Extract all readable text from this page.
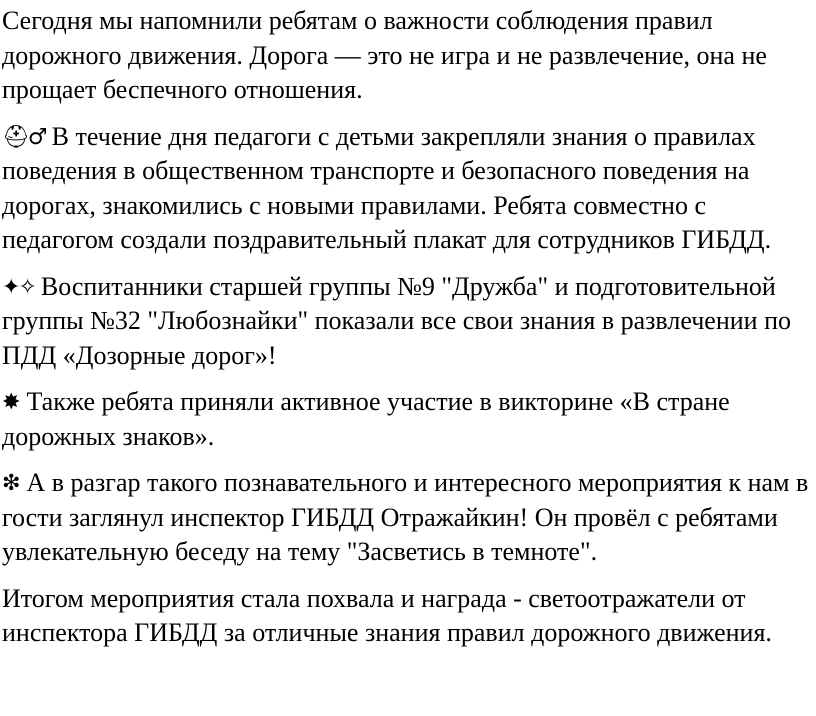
Сегодня мы напомнили ребятам о важности соблюдения правил дорожного движения. Дорога — это не игра и не развлечение, она не прощает беспечного отношения.

⛑♂ В течение дня педагоги с детьми закрепляли знания о правилах поведения в общественном транспорте и безопасного поведения на дорогах, знакомились с новыми правилами. Ребята совместно с педагогом создали поздравительный плакат для сотрудников ГИБДД.

✦✧ Воспитанники старшей группы №9 "Дружба" и подготовительной группы №32 "Любознайки" показали все свои знания в развлечении по ПДД «Дозорные дорог»!

✸ Также ребята приняли активное участие в викторине «В стране дорожных знаков».

❇ А в разгар такого познавательного и интересного мероприятия к нам в гости заглянул инспектор ГИБДД Отражайкин! Он провёл с ребятами увлекательную беседу на тему "Засветись в темноте".

Итогом мероприятия стала похвала и награда - светоотражатели от инспектора ГИБДД за отличные знания правил дорожного движения.
